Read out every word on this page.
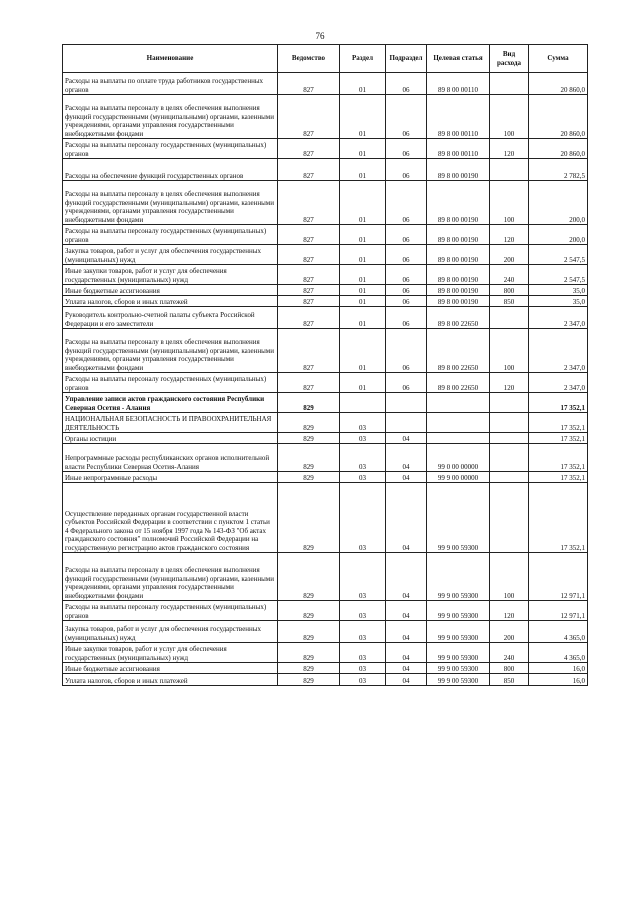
76
Наименование	Ведомство	Раздел	Подраздел	Целевая статья	Вид расхода	Сумма
Расходы на выплаты по оплате труда работников государственных органов	827	01	06	89 8 00 00110		20 860,0
Расходы на выплаты персоналу в целях обеспечения выполнения функций государственными (муниципальными) органами, казенными учреждениями, органами управления государственными внебюджетными фондами	827	01	06	89 8 00 00110	100	20 860,0
Расходы на выплаты персоналу государственных (муниципальных) органов	827	01	06	89 8 00 00110	120	20 860,0
Расходы на обеспечение функций государственных органов	827	01	06	89 8 00 00190		2 782,5
Расходы на выплаты персоналу в целях обеспечения выполнения функций государственными (муниципальными) органами, казенными учреждениями, органами управления государственными внебюджетными фондами	827	01	06	89 8 00 00190	100	200,0
Расходы на выплаты персоналу государственных (муниципальных) органов	827	01	06	89 8 00 00190	120	200,0
Закупка товаров, работ и услуг для обеспечения государственных (муниципальных) нужд	827	01	06	89 8 00 00190	200	2 547,5
Иные закупки товаров, работ и услуг для обеспечения государственных (муниципальных) нужд	827	01	06	89 8 00 00190	240	2 547,5
Иные бюджетные ассигнования	827	01	06	89 8 00 00190	800	35,0
Уплата налогов, сборов и иных платежей	827	01	06	89 8 00 00190	850	35,0
Руководитель контрольно-счетной палаты субъекта Российской Федерации и его заместители	827	01	06	89 8 00 22650		2 347,0
Расходы на выплаты персоналу в целях обеспечения выполнения функций государственными (муниципальными) органами, казенными учреждениями, органами управления государственными внебюджетными фондами	827	01	06	89 8 00 22650	100	2 347,0
Расходы на выплаты персоналу государственных (муниципальных) органов	827	01	06	89 8 00 22650	120	2 347,0
Управление записи актов гражданского состояния Республики Северная Осетия - Алания	829					17 352,1
НАЦИОНАЛЬНАЯ БЕЗОПАСНОСТЬ И ПРАВООХРАНИТЕЛЬНАЯ ДЕЯТЕЛЬНОСТЬ	829	03				17 352,1
Органы юстиции	829	03	04			17 352,1
Непрограммные расходы республиканских органов исполнительной власти Республики Северная Осетия-Алания	829	03	04	99 0 00 00000		17 352,1
Иные непрограммные расходы	829	03	04	99 9 00 00000		17 352,1
Осуществление переданных органам государственной власти субъектов Российской Федерации в соответствии с пунктом 1 статьи 4 Федерального закона от 15 ноября 1997 года № 143-ФЗ "Об актах гражданского состояния" полномочий Российской Федерации на государственную регистрацию актов гражданского состояния	829	03	04	99 9 00 59300		17 352,1
Расходы на выплаты персоналу в целях обеспечения выполнения функций государственными (муниципальными) органами, казенными учреждениями, органами управления государственными внебюджетными фондами	829	03	04	99 9 00 59300	100	12 971,1
Расходы на выплаты персоналу государственных (муниципальных) органов	829	03	04	99 9 00 59300	120	12 971,1
Закупка товаров, работ и услуг для обеспечения государственных (муниципальных) нужд	829	03	04	99 9 00 59300	200	4 365,0
Иные закупки товаров, работ и услуг для обеспечения государственных (муниципальных) нужд	829	03	04	99 9 00 59300	240	4 365,0
Иные бюджетные ассигнования	829	03	04	99 9 00 59300	800	16,0
Уплата налогов, сборов и иных платежей	829	03	04	99 9 00 59300	850	16,0
